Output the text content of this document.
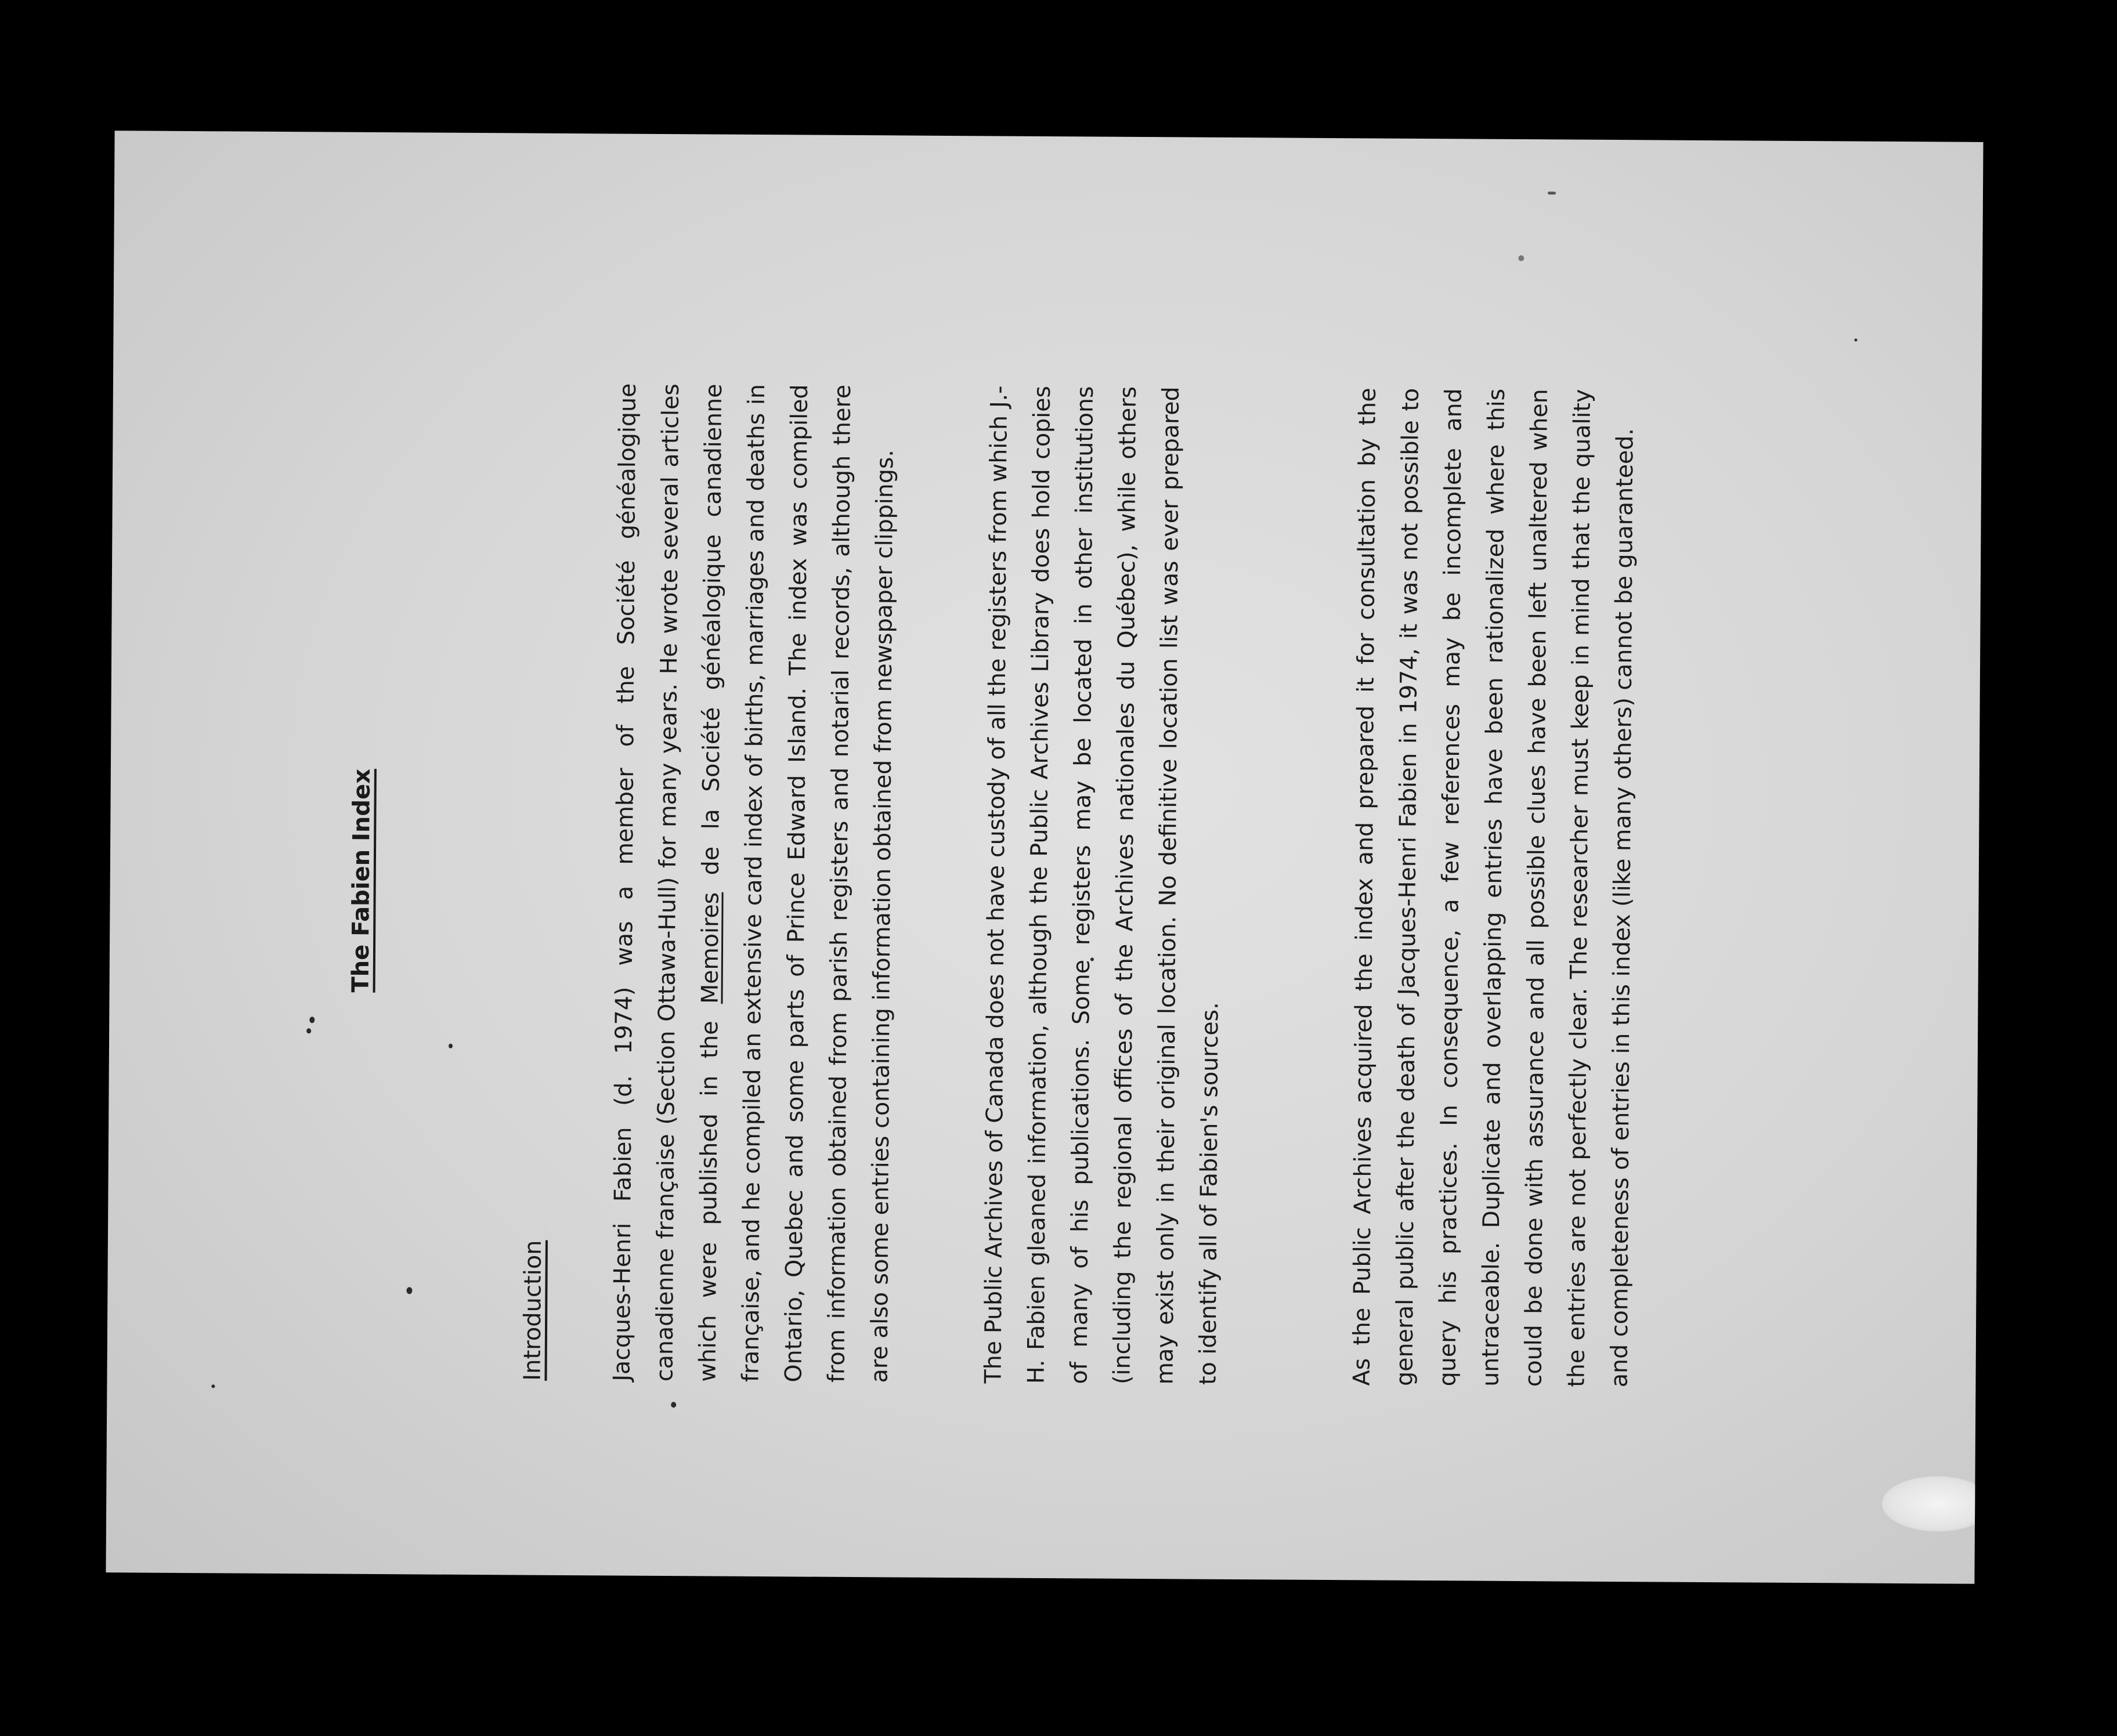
The Fabien Index
Introduction	Jacques-Henri Fabien (d. 1974) was a member of the Société généalogique canadienne française (Section Ottawa-Hull) for many years. He wrote several articles which were published in the Memoires de la Société généalogique canadienne française, and he compiled an extensive card index of births, marriages and deaths in Ontario, Quebec and some parts of Prince Edward Island. The index was compiled from information obtained from parish registers and notarial records, although there are also some entries containing information obtained from newspaper clippings.	The Public Archives of Canada does not have custody of all the registers from which J.-H. Fabien gleaned information, although the Public Archives Library does hold copies of many of his publications. Some registers may be located in other institutions (including the regional offices of the Archives nationales du Québec), while others may exist only in their original location. No definitive location list was ever prepared to identify all of Fabien's sources.	As the Public Archives acquired the index and prepared it for consultation by the general public after the death of Jacques-Henri Fabien in 1974, it was not possible to query his practices. In consequence, a few references may be incomplete and untraceable. Duplicate and overlapping entries have been rationalized where this could be done with assurance and all possible clues have been left unaltered when the entries are not perfectly clear. The researcher must keep in mind that the quality and completeness of entries in this index (like many others) cannot be guaranteed.
